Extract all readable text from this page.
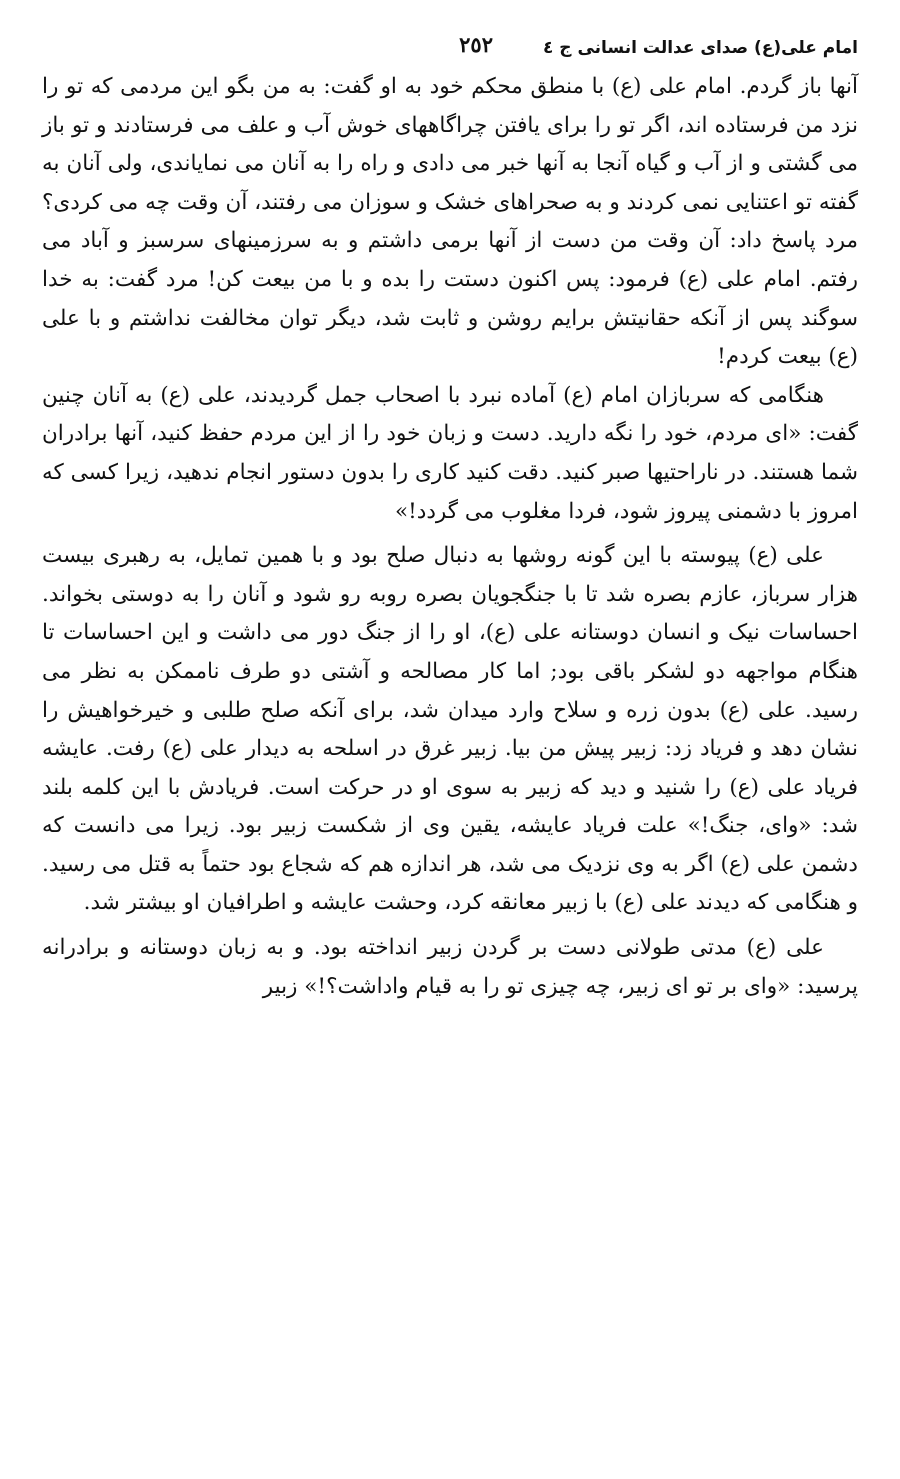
امام علی(ع) صدای عدالت انسانی ج ٤
٢٥٢

آنها باز گردم. امام علی (ع) با منطق محکم خود به او گفت: به من بگو این مردمی که تو را نزد من فرستاده اند، اگر تو را برای یافتن چراگاههای خوش آب و علف می فرستادند و تو باز می گشتی و از آب و گیاه آنجا به آنها خبر می دادی و راه را به آنان می نمایاندی، ولی آنان به گفته تو اعتنایی نمی کردند و به صحراهای خشک و سوزان می رفتند، آن وقت چه می کردی؟ مرد پاسخ داد: آن وقت من دست از آنها برمی داشتم و به سرزمینهای سرسبز و آباد می رفتم. امام علی (ع) فرمود: پس اکنون دستت را بده و با من بیعت کن! مرد گفت: به خدا سوگند پس از آنکه حقانیتش برایم روشن و ثابت شد، دیگر توان مخالفت نداشتم و با علی (ع) بیعت کردم!

هنگامی که سربازان امام (ع) آماده نبرد با اصحاب جمل گردیدند، علی (ع) به آنان چنین گفت: «ای مردم، خود را نگه دارید. دست و زبان خود را از این مردم حفظ کنید، آنها برادران شما هستند. در ناراحتیها صبر کنید. دقت کنید کاری را بدون دستور انجام ندهید، زیرا کسی که امروز با دشمنی پیروز شود، فردا مغلوب می گردد!»

علی (ع) پیوسته با این گونه روشها به دنبال صلح بود و با همین تمایل، به رهبری بیست هزار سرباز، عازم بصره شد تا با جنگجویان بصره روبه رو شود و آنان را به دوستی بخواند. احساسات نیک و انسان دوستانه علی (ع)، او را از جنگ دور می داشت و این احساسات تا هنگام مواجهه دو لشکر باقی بود; اما کار مصالحه و آشتی دو طرف ناممکن به نظر می رسید. علی (ع) بدون زره و سلاح وارد میدان شد، برای آنکه صلح طلبی و خیرخواهیش را نشان دهد و فریاد زد: زبیر پیش من بیا. زبیر غرق در اسلحه به دیدار علی (ع) رفت. عایشه فریاد علی (ع) را شنید و دید که زبیر به سوی او در حرکت است. فریادش با این کلمه بلند شد: «وای، جنگ!» علت فریاد عایشه، یقین وی از شکست زبیر بود. زیرا می دانست که دشمن علی (ع) اگر به وی نزدیک می شد، هر اندازه هم که شجاع بود حتماً به قتل می رسید. و هنگامی که دیدند علی (ع) با زبیر معانقه کرد، وحشت عایشه و اطرافیان او بیشتر شد.

علی (ع) مدتی طولانی دست بر گردن زبیر انداخته بود. و به زبان دوستانه و برادرانه پرسید: «وای بر تو ای زبیر، چه چیزی تو را به قیام واداشت؟!» زبیر
